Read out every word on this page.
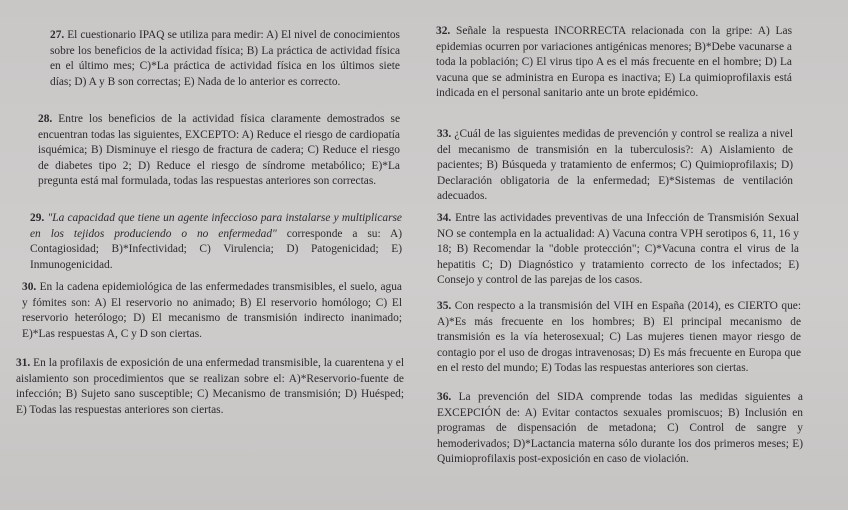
27. El cuestionario IPAQ se utiliza para medir: A) El nivel de conocimientos sobre los beneficios de la actividad física; B) La práctica de actividad física en el último mes; C)*La práctica de actividad física en los últimos siete días; D) A y B son correctas; E) Nada de lo anterior es correcto.

28. Entre los beneficios de la actividad física claramente demostrados se encuentran todas las siguientes, EXCEPTO: A) Reduce el riesgo de cardiopatía isquémica; B) Disminuye el riesgo de fractura de cadera; C) Reduce el riesgo de diabetes tipo 2; D) Reduce el riesgo de síndrome metabólico; E)*La pregunta está mal formulada, todas las respuestas anteriores son correctas.

29. "La capacidad que tiene un agente infeccioso para instalarse y multiplicarse en los tejidos produciendo o no enfermedad" corresponde a su: A) Contagiosidad; B)*Infectividad; C) Virulencia; D) Patogenicidad; E) Inmunogenicidad.

30. En la cadena epidemiológica de las enfermedades transmisibles, el suelo, agua y fómites son: A) El reservorio no animado; B) El reservorio homólogo; C) El reservorio heterólogo; D) El mecanismo de transmisión indirecto inanimado; E)*Las respuestas A, C y D son ciertas.

31. En la profilaxis de exposición de una enfermedad transmisible, la cuarentena y el aislamiento son procedimientos que se realizan sobre el: A)*Reservorio-fuente de infección; B) Sujeto sano susceptible; C) Mecanismo de transmisión; D) Huésped; E) Todas las respuestas anteriores son ciertas.

32. Señale la respuesta INCORRECTA relacionada con la gripe: A) Las epidemias ocurren por variaciones antigénicas menores; B)*Debe vacunarse a toda la población; C) El virus tipo A es el más frecuente en el hombre; D) La vacuna que se administra en Europa es inactiva; E) La quimioprofilaxis está indicada en el personal sanitario ante un brote epidémico.

33. ¿Cuál de las siguientes medidas de prevención y control se realiza a nivel del mecanismo de transmisión en la tuberculosis?: A) Aislamiento de pacientes; B) Búsqueda y tratamiento de enfermos; C) Quimioprofilaxis; D) Declaración obligatoria de la enfermedad; E)*Sistemas de ventilación adecuados.

34. Entre las actividades preventivas de una Infección de Transmisión Sexual NO se contempla en la actualidad: A) Vacuna contra VPH serotipos 6, 11, 16 y 18; B) Recomendar la "doble protección"; C)*Vacuna contra el virus de la hepatitis C; D) Diagnóstico y tratamiento correcto de los infectados; E) Consejo y control de las parejas de los casos.

35. Con respecto a la transmisión del VIH en España (2014), es CIERTO que: A)*Es más frecuente en los hombres; B) El principal mecanismo de transmisión es la vía heterosexual; C) Las mujeres tienen mayor riesgo de contagio por el uso de drogas intravenosas; D) Es más frecuente en Europa que en el resto del mundo; E) Todas las respuestas anteriores son ciertas.

36. La prevención del SIDA comprende todas las medidas siguientes a EXCEPCIÓN de: A) Evitar contactos sexuales promiscuos; B) Inclusión en programas de dispensación de metadona; C) Control de sangre y hemoderivados; D)*Lactancia materna sólo durante los dos primeros meses; E) Quimioprofilaxis post-exposición en caso de violación.
